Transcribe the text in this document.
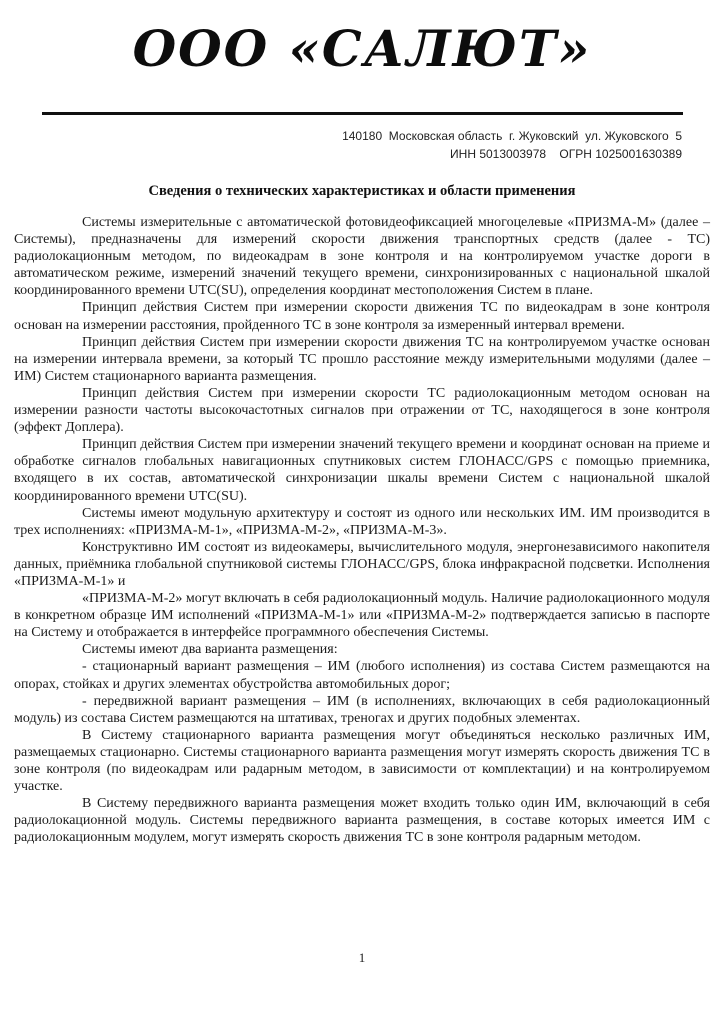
ООО «САЛЮТ»
140180  Московская область  г. Жуковский  ул. Жуковского  5
ИНН 5013003978    ОГРН 1025001630389
Сведения о технических характеристиках и области применения

Системы измерительные с автоматической фотовидеофиксацией многоцелевые «ПРИЗМА-М» (далее – Системы), предназначены для измерений скорости движения транспортных средств (далее - ТС) радиолокационным методом, по видеокадрам в зоне контроля и на контролируемом участке дороги в автоматическом режиме, измерений значений текущего времени, синхронизированных с национальной шкалой координированного времени UTC(SU), определения координат местоположения Систем в плане.

Принцип действия Систем при измерении скорости движения ТС по видеокадрам в зоне контроля основан на измерении расстояния, пройденного ТС в зоне контроля за измеренный интервал времени.

Принцип действия Систем при измерении скорости движения ТС на контролируемом участке основан на измерении интервала времени, за который ТС прошло расстояние между измерительными модулями (далее – ИМ) Систем стационарного варианта размещения.

Принцип действия Систем при измерении скорости ТС радиолокационным методом основан на измерении разности частоты высокочастотных сигналов при отражении от ТС, находящегося в зоне контроля (эффект Доплера).

Принцип действия Систем при измерении значений текущего времени и координат основан на приеме и обработке сигналов глобальных навигационных спутниковых систем ГЛОНАСС/GPS с помощью приемника, входящего в их состав, автоматической синхронизации шкалы времени Систем с национальной шкалой координированного времени UTC(SU).

Системы имеют модульную архитектуру и состоят из одного или нескольких ИМ. ИМ производится в трех исполнениях: «ПРИЗМА-М-1», «ПРИЗМА-М-2», «ПРИЗМА-М-3».

Конструктивно ИМ состоят из видеокамеры, вычислительного модуля, энергонезависимого накопителя данных, приёмника глобальной спутниковой системы ГЛОНАСС/GPS, блока инфракрасной подсветки. Исполнения «ПРИЗМА-М-1» и

«ПРИЗМА-М-2» могут включать в себя радиолокационный модуль. Наличие радиолокационного модуля в конкретном образце ИМ исполнений «ПРИЗМА-М-1» или «ПРИЗМА-М-2» подтверждается записью в паспорте на Систему и отображается в интерфейсе программного обеспечения Системы.

Системы имеют два варианта размещения:

- стационарный вариант размещения – ИМ (любого исполнения) из состава Систем размещаются на опорах, стойках и других элементах обустройства автомобильных дорог;

- передвижной вариант размещения – ИМ (в исполнениях, включающих в себя радиолокационный модуль) из состава Систем размещаются на штативах, треногах и других подобных элементах.

В Систему стационарного варианта размещения могут объединяться несколько различных ИМ, размещаемых стационарно. Системы стационарного варианта размещения могут измерять скорость движения ТС в зоне контроля (по видеокадрам или радарным методом, в зависимости от комплектации) и на контролируемом участке.

В Систему передвижного варианта размещения может входить только один ИМ, включающий в себя радиолокационной модуль. Системы передвижного варианта размещения, в составе которых имеется ИМ с радиолокационным модулем, могут измерять скорость движения ТС в зоне контроля радарным методом.

1
